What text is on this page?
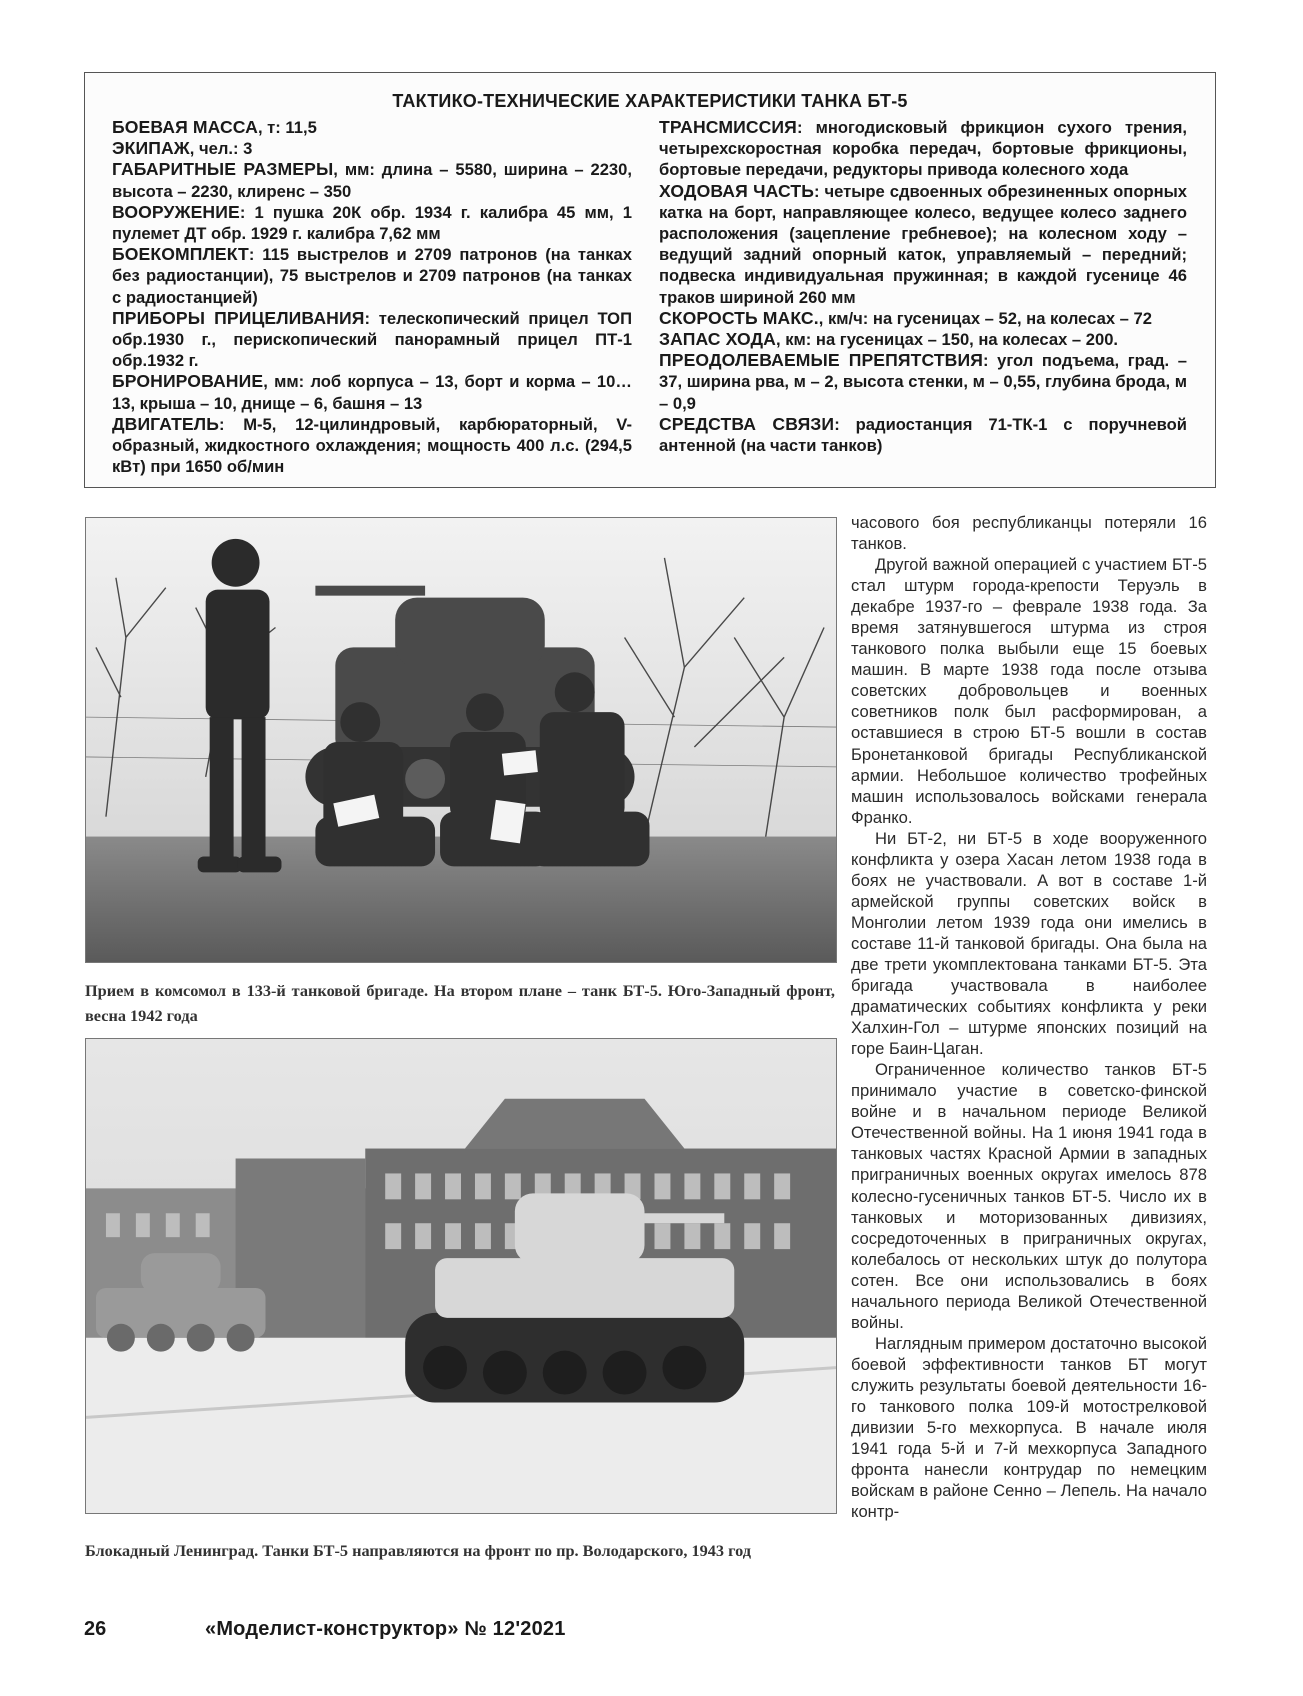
ТАКТИКО-ТЕХНИЧЕСКИЕ ХАРАКТЕРИСТИКИ ТАНКА БТ-5

БОЕВАЯ МАССА, т: 11,5

ЭКИПАЖ, чел.: 3

ГАБАРИТНЫЕ РАЗМЕРЫ, мм: длина – 5580, ширина – 2230, высота – 2230, клиренс – 350

ВООРУЖЕНИЕ: 1 пушка 20К обр. 1934 г. калибра 45 мм, 1 пулемет ДТ обр. 1929 г. калибра 7,62 мм

БОЕКОМПЛЕКТ: 115 выстрелов и 2709 патронов (на танках без радиостанции), 75 выстрелов и 2709 патронов (на танках с радиостанцией)

ПРИБОРЫ ПРИЦЕЛИВАНИЯ: телескопический прицел ТОП обр.1930 г., перископический панорамный прицел ПТ-1 обр.1932 г.

БРОНИРОВАНИЕ, мм: лоб корпуса – 13, борт и корма – 10…13, крыша – 10, днище – 6, башня – 13

ДВИГАТЕЛЬ: М-5, 12-цилиндровый, карбюраторный, V-образный, жидкостного охлаждения; мощность 400 л.с. (294,5 кВт) при 1650 об/мин

ТРАНСМИССИЯ: многодисковый фрикцион сухого трения, четырехскоростная коробка передач, бортовые фрикционы, бортовые передачи, редукторы привода колесного хода

ХОДОВАЯ ЧАСТЬ: четыре сдвоенных обрезиненных опорных катка на борт, направляющее колесо, ведущее колесо заднего расположения (зацепление гребневое); на колесном ходу – ведущий задний опорный каток, управляемый – передний; подвеска индивидуальная пружинная; в каждой гусенице 46 траков шириной 260 мм

СКОРОСТЬ МАКС., км/ч: на гусеницах – 52, на колесах – 72

ЗАПАС ХОДА, км: на гусеницах – 150, на колесах – 200.

ПРЕОДОЛЕВАЕМЫЕ ПРЕПЯТСТВИЯ: угол подъема, град. – 37, ширина рва, м – 2, высота стенки, м – 0,55, глубина брода, м – 0,9

СРЕДСТВА СВЯЗИ: радиостанция 71-ТК-1 с поручневой антенной (на части танков)

Прием в комсомол в 133-й танковой бригаде. На втором плане – танк БТ-5. Юго-Западный фронт, весна 1942 года
Блокадный Ленинград. Танки БТ-5 направляются на фронт по пр. Володарского, 1943 год

часового боя республиканцы потеряли 16 танков.

Другой важной операцией с участием БТ-5 стал штурм города-крепости Теруэль в декабре 1937-го – феврале 1938 года. За время затянувшегося штурма из строя танкового полка выбыли еще 15 боевых машин. В марте 1938 года после отзыва советских добровольцев и военных советников полк был расформирован, а оставшиеся в строю БТ-5 вошли в состав Бронетанковой бригады Республиканской армии. Небольшое количество трофейных машин использовалось войсками генерала Франко.

Ни БТ-2, ни БТ-5 в ходе вооруженного конфликта у озера Хасан летом 1938 года в боях не участвовали. А вот в составе 1-й армейской группы советских войск в Монголии летом 1939 года они имелись в составе 11-й танковой бригады. Она была на две трети укомплектована танками БТ-5. Эта бригада участвовала в наиболее драматических событиях конфликта у реки Халхин-Гол – штурме японских позиций на горе Баин-Цаган.

Ограниченное количество танков БТ-5 принимало участие в советско-финской войне и в начальном периоде Великой Отечественной войны. На 1 июня 1941 года в танковых частях Красной Армии в западных приграничных военных округах имелось 878 колесно-гусеничных танков БТ-5. Число их в танковых и моторизованных дивизиях, сосредоточенных в приграничных округах, колебалось от нескольких штук до полутора сотен. Все они использовались в боях начального периода Великой Отечественной войны.

Наглядным примером достаточно высокой боевой эффективности танков БТ могут служить результаты боевой деятельности 16-го танкового полка 109-й мотострелковой дивизии 5-го мехкорпуса. В начале июля 1941 года 5-й и 7-й мехкорпуса Западного фронта нанесли контрудар по немецким войскам в районе Сенно – Лепель. На начало контр-

26	«Моделист-конструктор» № 12'2021
